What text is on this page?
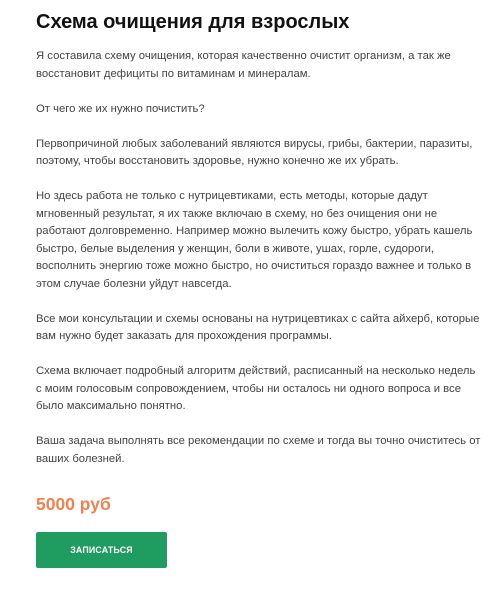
Схема очищения для взрослых

Я составила схему очищения, которая качественно очистит организм, а так же восстановит дефициты по витаминам и минералам.

От чего же их нужно почистить?

Первопричиной любых заболеваний являются вирусы, грибы, бактерии, паразиты, поэтому, чтобы восстановить здоровье, нужно конечно же их убрать.

Но здесь работа не только с нутрицевтиками, есть методы, которые дадут мгновенный результат, я их также включаю в схему, но без очищения они не работают долговременно. Например можно вылечить кожу быстро, убрать кашель быстро, белые выделения у женщин, боли в животе, ушах, горле, судороги, восполнить энергию тоже можно быстро, но очиститься гораздо важнее и только в этом случае болезни уйдут навсегда.

Все мои консультации и схемы основаны на нутрицевтиках с сайта айхерб, которые вам нужно будет заказать для прохождения программы.

Схема включает подробный алгоритм действий, расписанный на несколько недель с моим голосовым сопровождением, чтобы ни осталось ни одного вопроса и все было максимально понятно.

Ваша задача выполнять все рекомендации по схеме и тогда вы точно очиститесь от ваших болезней.

5000 руб
ЗАПИСАТЬСЯ
